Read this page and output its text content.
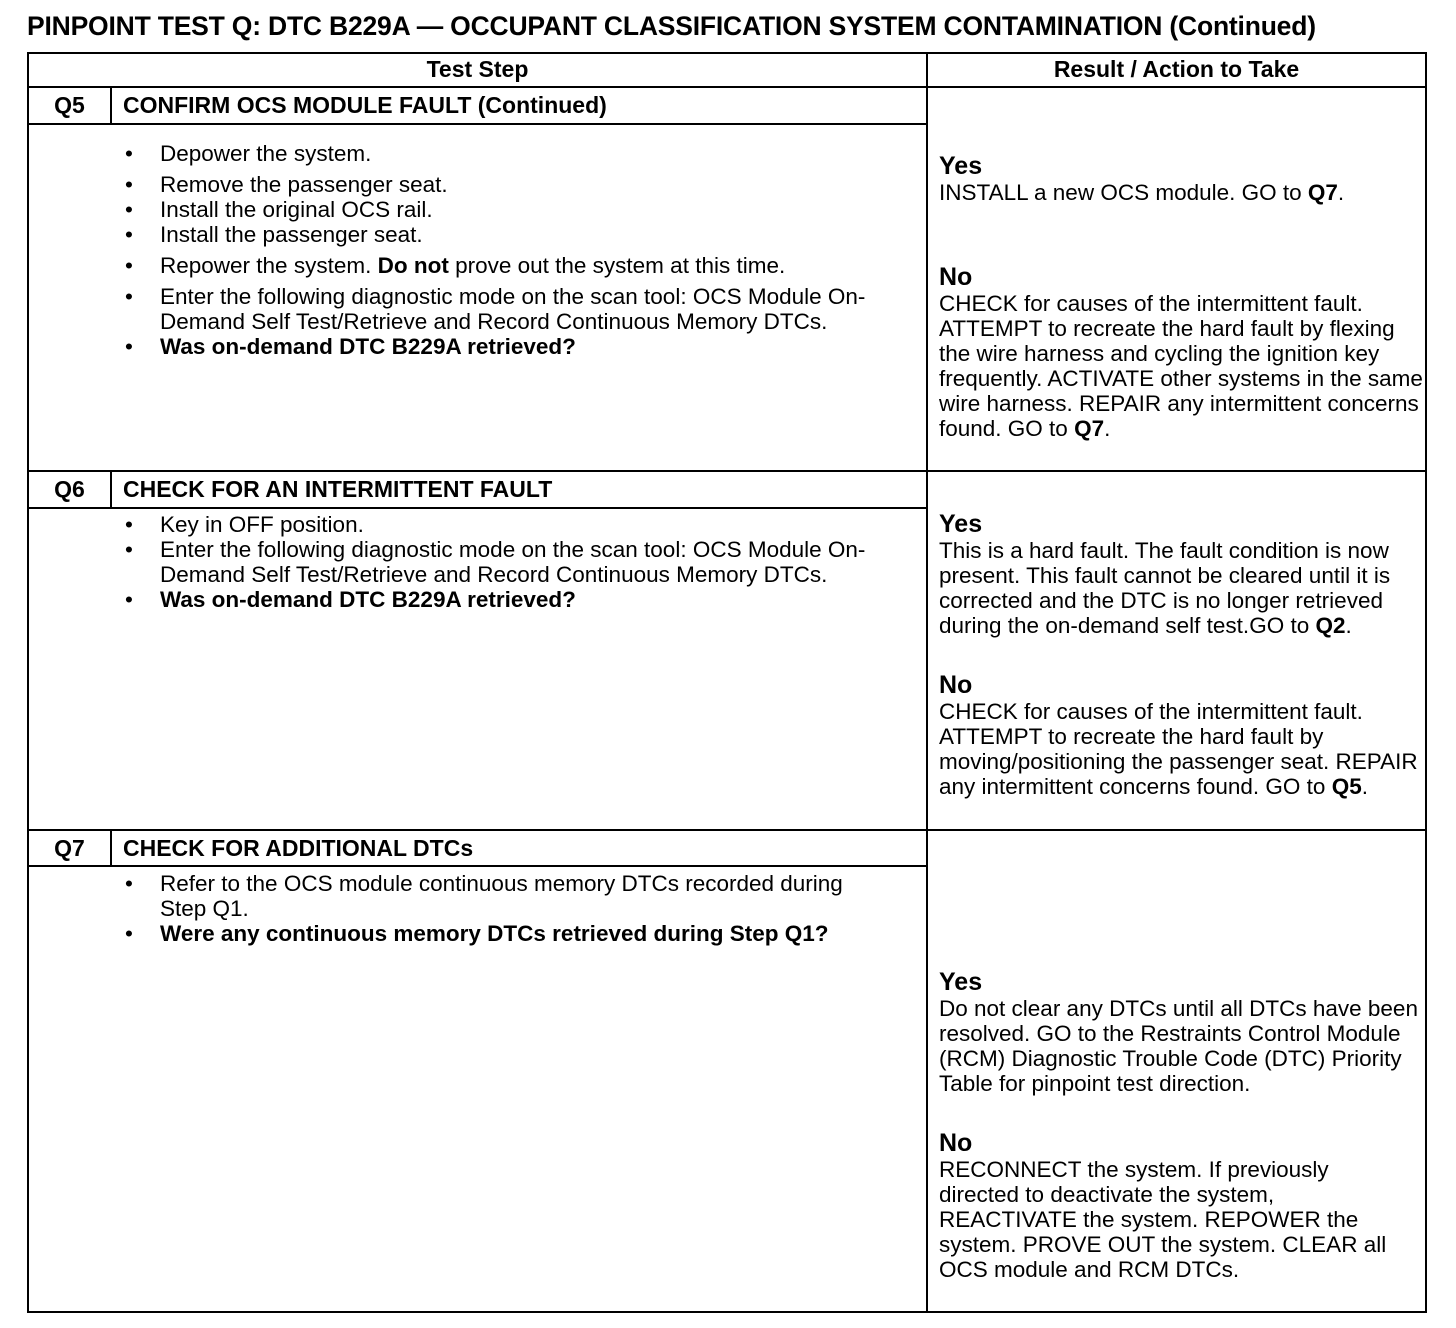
PINPOINT TEST Q: DTC B229A — OCCUPANT CLASSIFICATION SYSTEM CONTAMINATION (Continued)
Test Step	Result / Action to Take
Q5	CONFIRM OCS MODULE FAULT (Continued)
• Depower the system.
• Remove the passenger seat.
• Install the original OCS rail.
• Install the passenger seat.
• Repower the system. Do not prove out the system at this time.
• Enter the following diagnostic mode on the scan tool: OCS Module On-Demand Self Test/Retrieve and Record Continuous Memory DTCs.
• Was on-demand DTC B229A retrieved?
Yes
INSTALL a new OCS module. GO to Q7.
No
CHECK for causes of the intermittent fault. ATTEMPT to recreate the hard fault by flexing the wire harness and cycling the ignition key frequently. ACTIVATE other systems in the same wire harness. REPAIR any intermittent concerns found. GO to Q7.
Q6	CHECK FOR AN INTERMITTENT FAULT
• Key in OFF position.
• Enter the following diagnostic mode on the scan tool: OCS Module On-Demand Self Test/Retrieve and Record Continuous Memory DTCs.
• Was on-demand DTC B229A retrieved?
Yes
This is a hard fault. The fault condition is now present. This fault cannot be cleared until it is corrected and the DTC is no longer retrieved during the on-demand self test.GO to Q2.
No
CHECK for causes of the intermittent fault. ATTEMPT to recreate the hard fault by moving/positioning the passenger seat. REPAIR any intermittent concerns found. GO to Q5.
Q7	CHECK FOR ADDITIONAL DTCs
• Refer to the OCS module continuous memory DTCs recorded during Step Q1.
• Were any continuous memory DTCs retrieved during Step Q1?
Yes
Do not clear any DTCs until all DTCs have been resolved. GO to the Restraints Control Module (RCM) Diagnostic Trouble Code (DTC) Priority Table for pinpoint test direction.
No
RECONNECT the system. If previously directed to deactivate the system, REACTIVATE the system. REPOWER the system. PROVE OUT the system. CLEAR all OCS module and RCM DTCs.
